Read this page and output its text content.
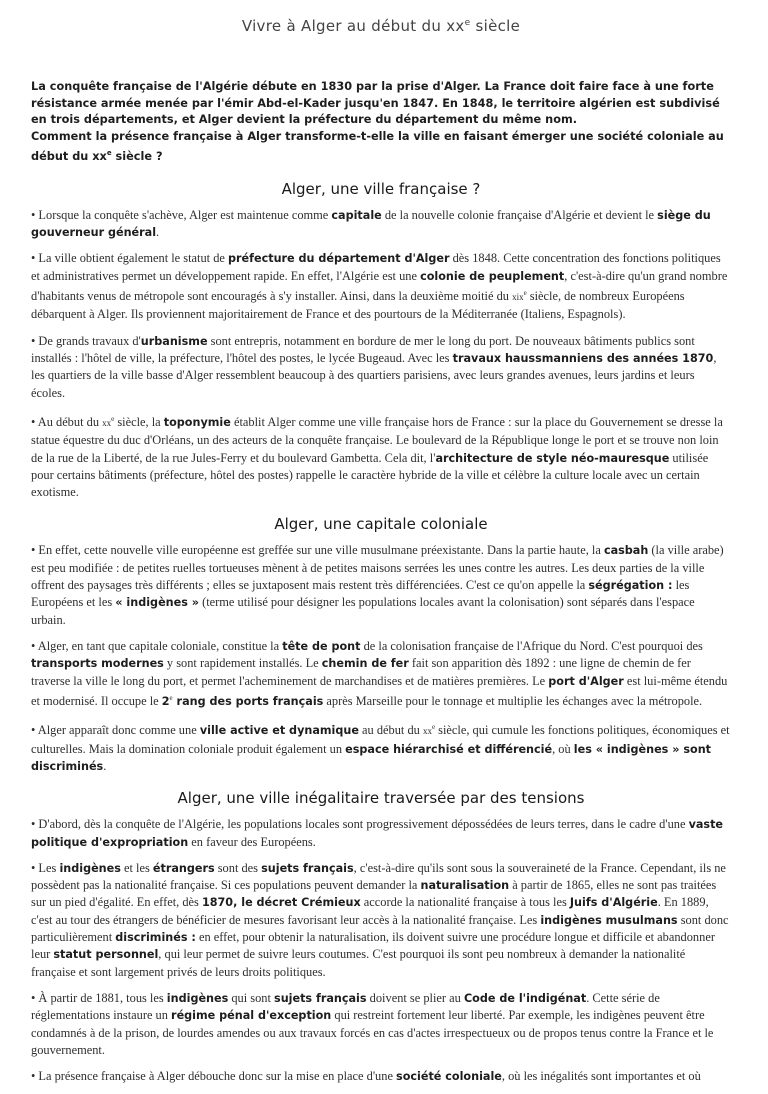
Vivre à Alger au début du $xx^e$ siècle
La conquête française de l'Algérie débute en 1830 par la prise d'Alger. La France doit faire face à une forte résistance armée menée par l'émir Abd-el-Kader jusqu'en 1847. En 1848, le territoire algérien est subdivisé en trois départements, et Alger devient la préfecture du département du même nom.
Comment la présence française à Alger transforme-t-elle la ville en faisant émerger une société coloniale au début du $xx^e$ siècle ?
Alger, une ville française ?

• Lorsque la conquête s'achève, Alger est maintenue comme capitale de la nouvelle colonie française d'Algérie et devient le siège du gouverneur général.

• La ville obtient également le statut de préfecture du département d'Alger dès 1848. Cette concentration des fonctions politiques et administratives permet un développement rapide. En effet, l'Algérie est une colonie de peuplement, c'est-à-dire qu'un grand nombre d'habitants venus de métropole sont encouragés à s'y installer. Ainsi, dans la deuxième moitié du xix$^e$ siècle, de nombreux Européens débarquent à Alger. Ils proviennent majoritairement de France et des pourtours de la Méditerranée (Italiens, Espagnols).

• De grands travaux d'urbanisme sont entrepris, notamment en bordure de mer le long du port. De nouveaux bâtiments publics sont installés : l'hôtel de ville, la préfecture, l'hôtel des postes, le lycée Bugeaud. Avec les travaux haussmanniens des années 1870, les quartiers de la ville basse d'Alger ressemblent beaucoup à des quartiers parisiens, avec leurs grandes avenues, leurs jardins et leurs écoles.

• Au début du $xx^e$ siècle, la toponymie établit Alger comme une ville française hors de France : sur la place du Gouvernement se dresse la statue équestre du duc d'Orléans, un des acteurs de la conquête française. Le boulevard de la République longe le port et se trouve non loin de la rue de la Liberté, de la rue Jules-Ferry et du boulevard Gambetta. Cela dit, l'architecture de style néo-mauresque utilisée pour certains bâtiments (préfecture, hôtel des postes) rappelle le caractère hybride de la ville et célèbre la culture locale avec un certain exotisme.

Alger, une capitale coloniale

• En effet, cette nouvelle ville européenne est greffée sur une ville musulmane préexistante. Dans la partie haute, la casbah (la ville arabe) est peu modifiée : de petites ruelles tortueuses mènent à de petites maisons serrées les unes contre les autres. Les deux parties de la ville offrent des paysages très différents ; elles se juxtaposent mais restent très différenciées. C'est ce qu'on appelle la ségrégation : les Européens et les « indigènes » (terme utilisé pour désigner les populations locales avant la colonisation) sont séparés dans l'espace urbain.

• Alger, en tant que capitale coloniale, constitue la tête de pont de la colonisation française de l'Afrique du Nord. C'est pourquoi des transports modernes y sont rapidement installés. Le chemin de fer fait son apparition dès 1892 : une ligne de chemin de fer traverse la ville le long du port, et permet l'acheminement de marchandises et de matières premières. Le port d'Alger est lui-même étendu et modernisé. Il occupe le 2e rang des ports français après Marseille pour le tonnage et multiplie les échanges avec la métropole.

• Alger apparaît donc comme une ville active et dynamique au début du $xx^e$ siècle, qui cumule les fonctions politiques, économiques et culturelles. Mais la domination coloniale produit également un espace hiérarchisé et différencié, où les « indigènes » sont discriminés.

Alger, une ville inégalitaire traversée par des tensions

• D'abord, dès la conquête de l'Algérie, les populations locales sont progressivement dépossédées de leurs terres, dans le cadre d'une vaste politique d'expropriation en faveur des Européens.

• Les indigènes et les étrangers sont des sujets français, c'est-à-dire qu'ils sont sous la souveraineté de la France. Cependant, ils ne possèdent pas la nationalité française. Si ces populations peuvent demander la naturalisation à partir de 1865, elles ne sont pas traitées sur un pied d'égalité. En effet, dès 1870, le décret Crémieux accorde la nationalité française à tous les Juifs d'Algérie. En 1889, c'est au tour des étrangers de bénéficier de mesures favorisant leur accès à la nationalité française. Les indigènes musulmans sont donc particulièrement discriminés : en effet, pour obtenir la naturalisation, ils doivent suivre une procédure longue et difficile et abandonner leur statut personnel, qui leur permet de suivre leurs coutumes. C'est pourquoi ils sont peu nombreux à demander la nationalité française et sont largement privés de leurs droits politiques.

• À partir de 1881, tous les indigènes qui sont sujets français doivent se plier au Code de l'indigénat. Cette série de réglementations instaure un régime pénal d'exception qui restreint fortement leur liberté. Par exemple, les indigènes peuvent être condamnés à de la prison, de lourdes amendes ou aux travaux forcés en cas d'actes irrespectueux ou de propos tenus contre la France et le gouvernement.

• La présence française à Alger débouche donc sur la mise en place d'une société coloniale, où les inégalités sont importantes et où
